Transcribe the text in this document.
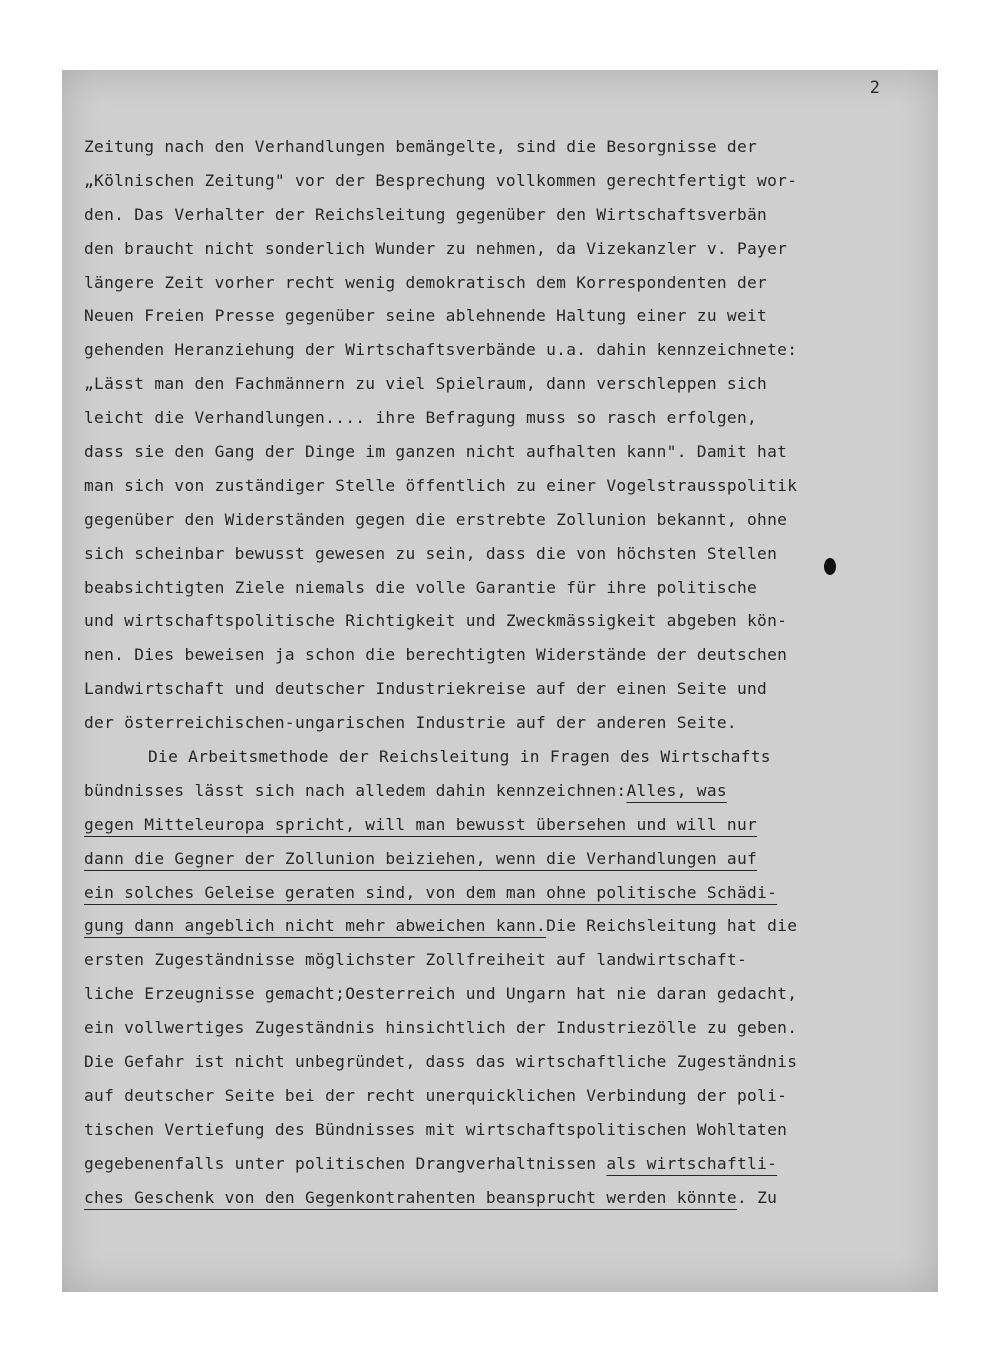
2
Zeitung nach den Verhandlungen bemängelte, sind die Besorgnisse der
„Kölnischen Zeitung" vor der Besprechung vollkommen gerechtfertigt wor-
den. Das Verhalter der Reichsleitung gegenüber den Wirtschaftsverbän
den braucht nicht sonderlich Wunder zu nehmen, da Vizekanzler v. Payer
längere Zeit vorher recht wenig demokratisch dem Korrespondenten der
Neuen Freien Presse gegenüber seine ablehnende Haltung einer zu weit
gehenden Heranziehung der Wirtschaftsverbände u.a. dahin kennzeichnete:
„Lässt man den Fachmännern zu viel Spielraum, dann verschleppen sich
leicht die Verhandlungen.... ihre Befragung muss so rasch erfolgen,
dass sie den Gang der Dinge im ganzen nicht aufhalten kann". Damit hat
man sich von zuständiger Stelle öffentlich zu einer Vogelstrausspolitik
gegenüber den Widerständen gegen die erstrebte Zollunion bekannt, ohne
sich scheinbar bewusst gewesen zu sein, dass die von höchsten Stellen
beabsichtigten Ziele niemals die volle Garantie für ihre politische
und wirtschaftspolitische Richtigkeit und Zweckmässigkeit abgeben kön-
nen. Dies beweisen ja schon die berechtigten Widerstände der deutschen
Landwirtschaft und deutscher Industriekreise auf der einen Seite und
der österreichischen-ungarischen Industrie auf der anderen Seite.
Die Arbeitsmethode der Reichsleitung in Fragen des Wirtschafts
bündnisses lässt sich nach alledem dahin kennzeichnen:Alles, was
gegen Mitteleuropa spricht, will man bewusst übersehen und will nur
dann die Gegner der Zollunion beiziehen, wenn die Verhandlungen auf
ein solches Geleise geraten sind, von dem man ohne politische Schädi-
gung dann angeblich nicht mehr abweichen kann.Die Reichsleitung hat die
ersten Zugeständnisse möglichster Zollfreiheit auf landwirtschaft-
liche Erzeugnisse gemacht;Oesterreich und Ungarn hat nie daran gedacht,
ein vollwertiges Zugeständnis hinsichtlich der Industriezölle zu geben.
Die Gefahr ist nicht unbegründet, dass das wirtschaftliche Zugeständnis
auf deutscher Seite bei der recht unerquicklichen Verbindung der poli-
tischen Vertiefung des Bündnisses mit wirtschaftspolitischen Wohltaten
gegebenenfalls unter politischen Drangverhaltnissen als wirtschaftli-
ches Geschenk von den Gegenkontrahenten beansprucht werden könnte. Zu
